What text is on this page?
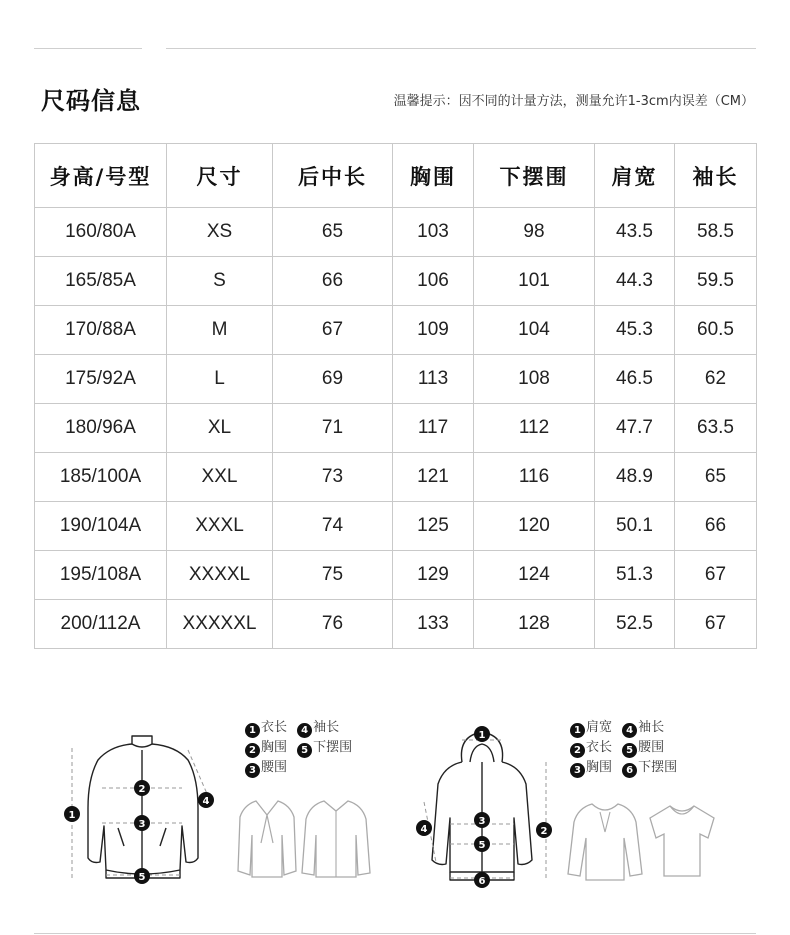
尺码信息	温馨提示：因不同的计量方法，测量允许1-3cm内误差（CM）
身高/号型	尺寸	后中长	胸围	下摆围	肩宽	袖长
160/80A	XS	65	103	98	43.5	58.5
165/85A	S	66	106	101	44.3	59.5
170/88A	M	67	109	104	45.3	60.5
175/92A	L	69	113	108	46.5	62
180/96A	XL	71	117	112	47.7	63.5
185/100A	XXL	73	121	116	48.9	65
190/104A	XXXL	74	125	120	50.1	66
195/108A	XXXXL	75	129	124	51.3	67
200/112A	XXXXXL	76	133	128	52.5	67
1
2
3
4
5
1 衣长 4 袖长
2 胸围 5 下摆围
3 腰围
1
2
3
4
5
6
1 肩宽 4 袖长
2 衣长 5 腰围
3 胸围 6 下摆围
